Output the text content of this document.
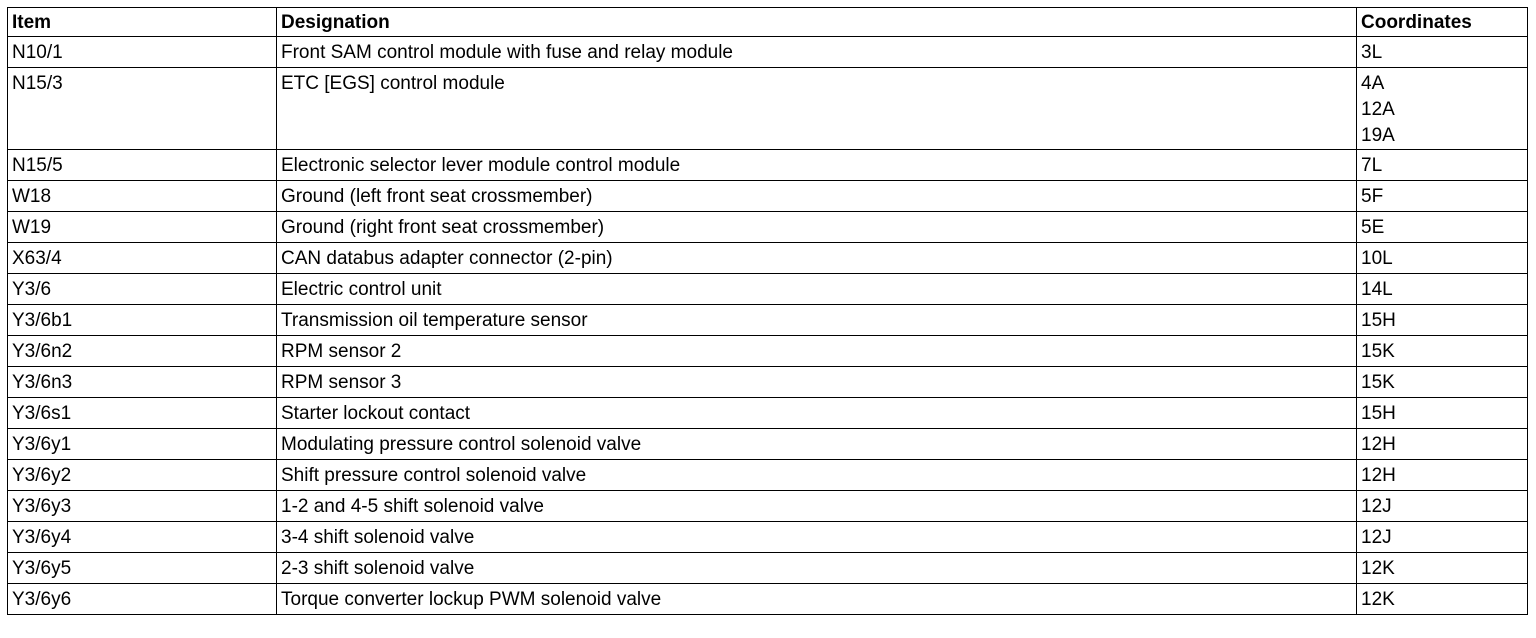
Item	Designation	Coordinates
N10/1	Front SAM control module with fuse and relay module	3L

N15/3	ETC [EGS] control module	4A
12A
19A

N15/5	Electronic selector lever module control module	7L

W18	Ground (left front seat crossmember)	5F

W19	Ground (right front seat crossmember)	5E

X63/4	CAN databus adapter connector (2-pin)	10L

Y3/6	Electric control unit	14L

Y3/6b1	Transmission oil temperature sensor	15H

Y3/6n2	RPM sensor 2	15K

Y3/6n3	RPM sensor 3	15K

Y3/6s1	Starter lockout contact	15H

Y3/6y1	Modulating pressure control solenoid valve	12H

Y3/6y2	Shift pressure control solenoid valve	12H

Y3/6y3	1-2 and 4-5 shift solenoid valve	12J

Y3/6y4	3-4 shift solenoid valve	12J

Y3/6y5	2-3 shift solenoid valve	12K

Y3/6y6	Torque converter lockup PWM solenoid valve	12K
